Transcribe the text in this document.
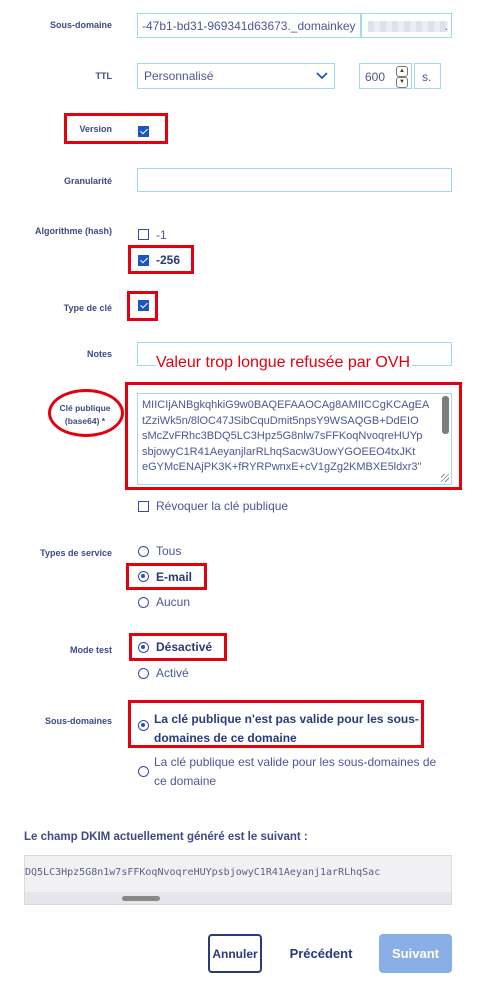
Sous-domaine	-47b1-bd31-969341d63673._domainkey	.
TTL	Personnalisé	600	▲
▼ s.
Version
Granularité
Algorithme (hash)	-1
-256
Type de clé
Notes	Valeur trop longue refusée par OVH
Clé publique
(base64) *
MIICIjANBgkqhkiG9w0BAQEFAAOCAg8AMIICCgKCAgEA
tZziWk5n/8lOC47JSibCquDmit5npsY9WSAQGB+DdEIO
sMcZvFRhc3BDQ5LC3Hpz5G8nlw7sFFKoqNvoqreHUYp
sbjowyC1R41AeyanjlarRLhqSacw3UowYGOEEO4txJKt
eGYMcENAjPK3K+fRYRPwnxE+cV1gZg2KMBXE5ldxr3"
Révoquer la clé publique
Types de service	Tous
E-mail
Aucun
Mode test	Désactivé
Activé
Sous-domaines	La clé publique n'est pas valide pour les sous-
domaines de ce domaine
La clé publique est valide pour les sous-domaines de
ce domaine
Le champ DKIM actuellement généré est le suivant :
DQ5LC3Hpz5G8n1w7sFFKoqNvoqreHUYpsbjowyC1R41Aeyanj1arRLhqSac
Annuler	Précédent	Suivant
